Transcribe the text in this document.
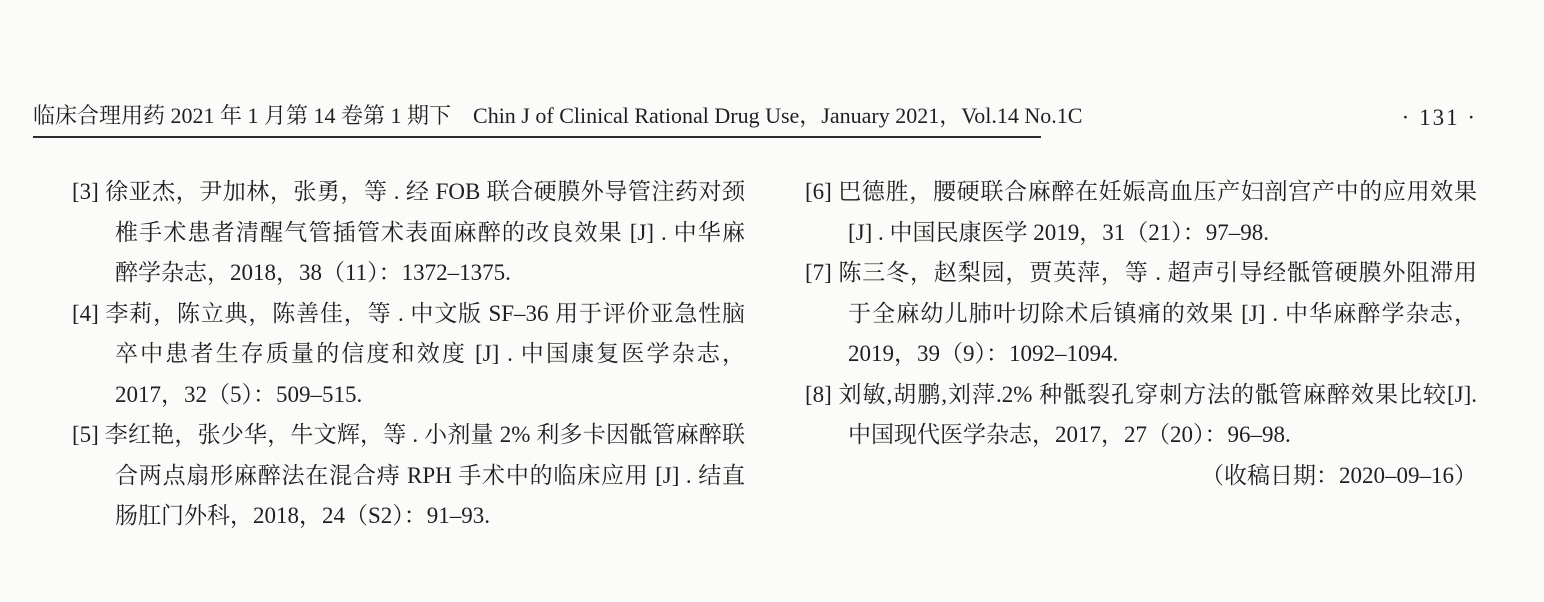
临床合理用药 2021 年 1 月第 14 卷第 1 期下 Chin J of Clinical Rational Drug Use，January 2021，Vol.14 No.1C	· 131 ·

[3] 徐亚杰，尹加林，张勇，等 . 经 FOB 联合硬膜外导管注药对颈

椎手术患者清醒气管插管术表面麻醉的改良效果 [J] . 中华麻

醉学杂志，2018，38（11）：1372–1375.

[4] 李莉，陈立典，陈善佳，等 . 中文版 SF–36 用于评价亚急性脑

卒中患者生存质量的信度和效度 [J] . 中国康复医学杂志，

2017，32（5）：509–515.

[5] 李红艳，张少华，牛文辉，等 . 小剂量 2% 利多卡因骶管麻醉联

合两点扇形麻醉法在混合痔 RPH 手术中的临床应用 [J] . 结直

肠肛门外科，2018，24（S2）：91–93.

[6] 巴德胜，腰硬联合麻醉在妊娠高血压产妇剖宫产中的应用效果

[J] . 中国民康医学 2019，31（21）：97–98.

[7] 陈三冬，赵梨园，贾英萍，等 . 超声引导经骶管硬膜外阻滞用

于全麻幼儿肺叶切除术后镇痛的效果 [J] . 中华麻醉学杂志，

2019，39（9）：1092–1094.

[8] 刘敏,胡鹏,刘萍.2% 种骶裂孔穿刺方法的骶管麻醉效果比较[J].

中国现代医学杂志，2017，27（20）：96–98.

（收稿日期：2020–09–16）
